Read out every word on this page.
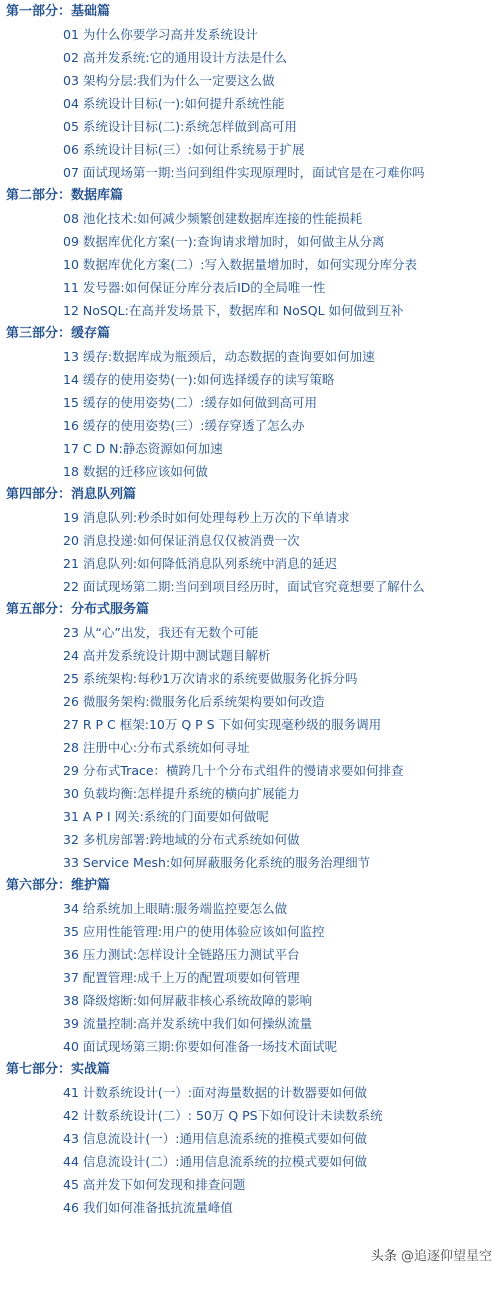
第一部分：基础篇
01 为什么你要学习高并发系统设计
02 高并发系统:它的通用设计方法是什么
03 架构分层:我们为什么一定要这么做
04 系统设计目标(一):如何提升系统性能
05 系统设计目标(二):系统怎样做到高可用
06 系统设计目标(三）:如何让系统易于扩展
07 面试现场第一期:当问到组件实现原理时，面试官是在刁难你吗
第二部分：数据库篇
08 池化技术:如何减少频繁创建数据库连接的性能损耗
09 数据库优化方案(一):查询请求增加时，如何做主从分离
10 数据库优化方案(二）:写入数据量增加时，如何实现分库分表
11 发号器:如何保证分库分表后ID的全局唯一性
12 NoSQL:在高并发场景下，数据库和 NoSQL 如何做到互补
第三部分：缓存篇
13 缓存:数据库成为瓶颈后，动态数据的查询要如何加速
14 缓存的使用姿势(一):如何选择缓存的读写策略
15 缓存的使用姿势(二）:缓存如何做到高可用
16 缓存的使用姿势(三）:缓存穿透了怎么办
17 C D N:静态资源如何加速
18 数据的迁移应该如何做
第四部分：消息队列篇
19 消息队列:秒杀时如何处理每秒上万次的下单请求
20 消息投递:如何保证消息仅仅被消费一次
21 消息队列:如何降低消息队列系统中消息的延迟
22 面试现场第二期:当问到项目经历时，面试官究竟想要了解什么
第五部分：分布式服务篇
23 从“心”出发，我还有无数个可能
24 高并发系统设计期中测试题目解析
25 系统架构:每秒1万次请求的系统要做服务化拆分吗
26 微服务架构:微服务化后系统架构要如何改造
27 R P C 框架:10万 Q P S 下如何实现毫秒级的服务调用
28 注册中心:分布式系统如何寻址
29 分布式Trace：横跨几十个分布式组件的慢请求要如何排查
30 负载均衡:怎样提升系统的横向扩展能力
31 A P I 网关:系统的门面要如何做呢
32 多机房部署:跨地域的分布式系统如何做
33 Service Mesh:如何屏蔽服务化系统的服务治理细节
第六部分：维护篇
34 给系统加上眼睛:服务端监控要怎么做
35 应用性能管理:用户的使用体验应该如何监控
36 压力测试:怎样设计全链路压力测试平台
37 配置管理:成千上万的配置项要如何管理
38 降级熔断:如何屏蔽非核心系统故障的影响
39 流量控制:高并发系统中我们如何操纵流量
40 面试现场第三期:你要如何准备一场技术面试呢
第七部分：实战篇
41 计数系统设计(一）:面对海量数据的计数器要如何做
42 计数系统设计(二）: 50万 Q PS下如何设计未读数系统
43 信息流设计(一）:通用信息流系统的推模式要如何做
44 信息流设计(二）:通用信息流系统的拉模式要如何做
45 高并发下如何发现和排查问题
46 我们如何准备抵抗流量峰值
头条 @追逐仰望星空
